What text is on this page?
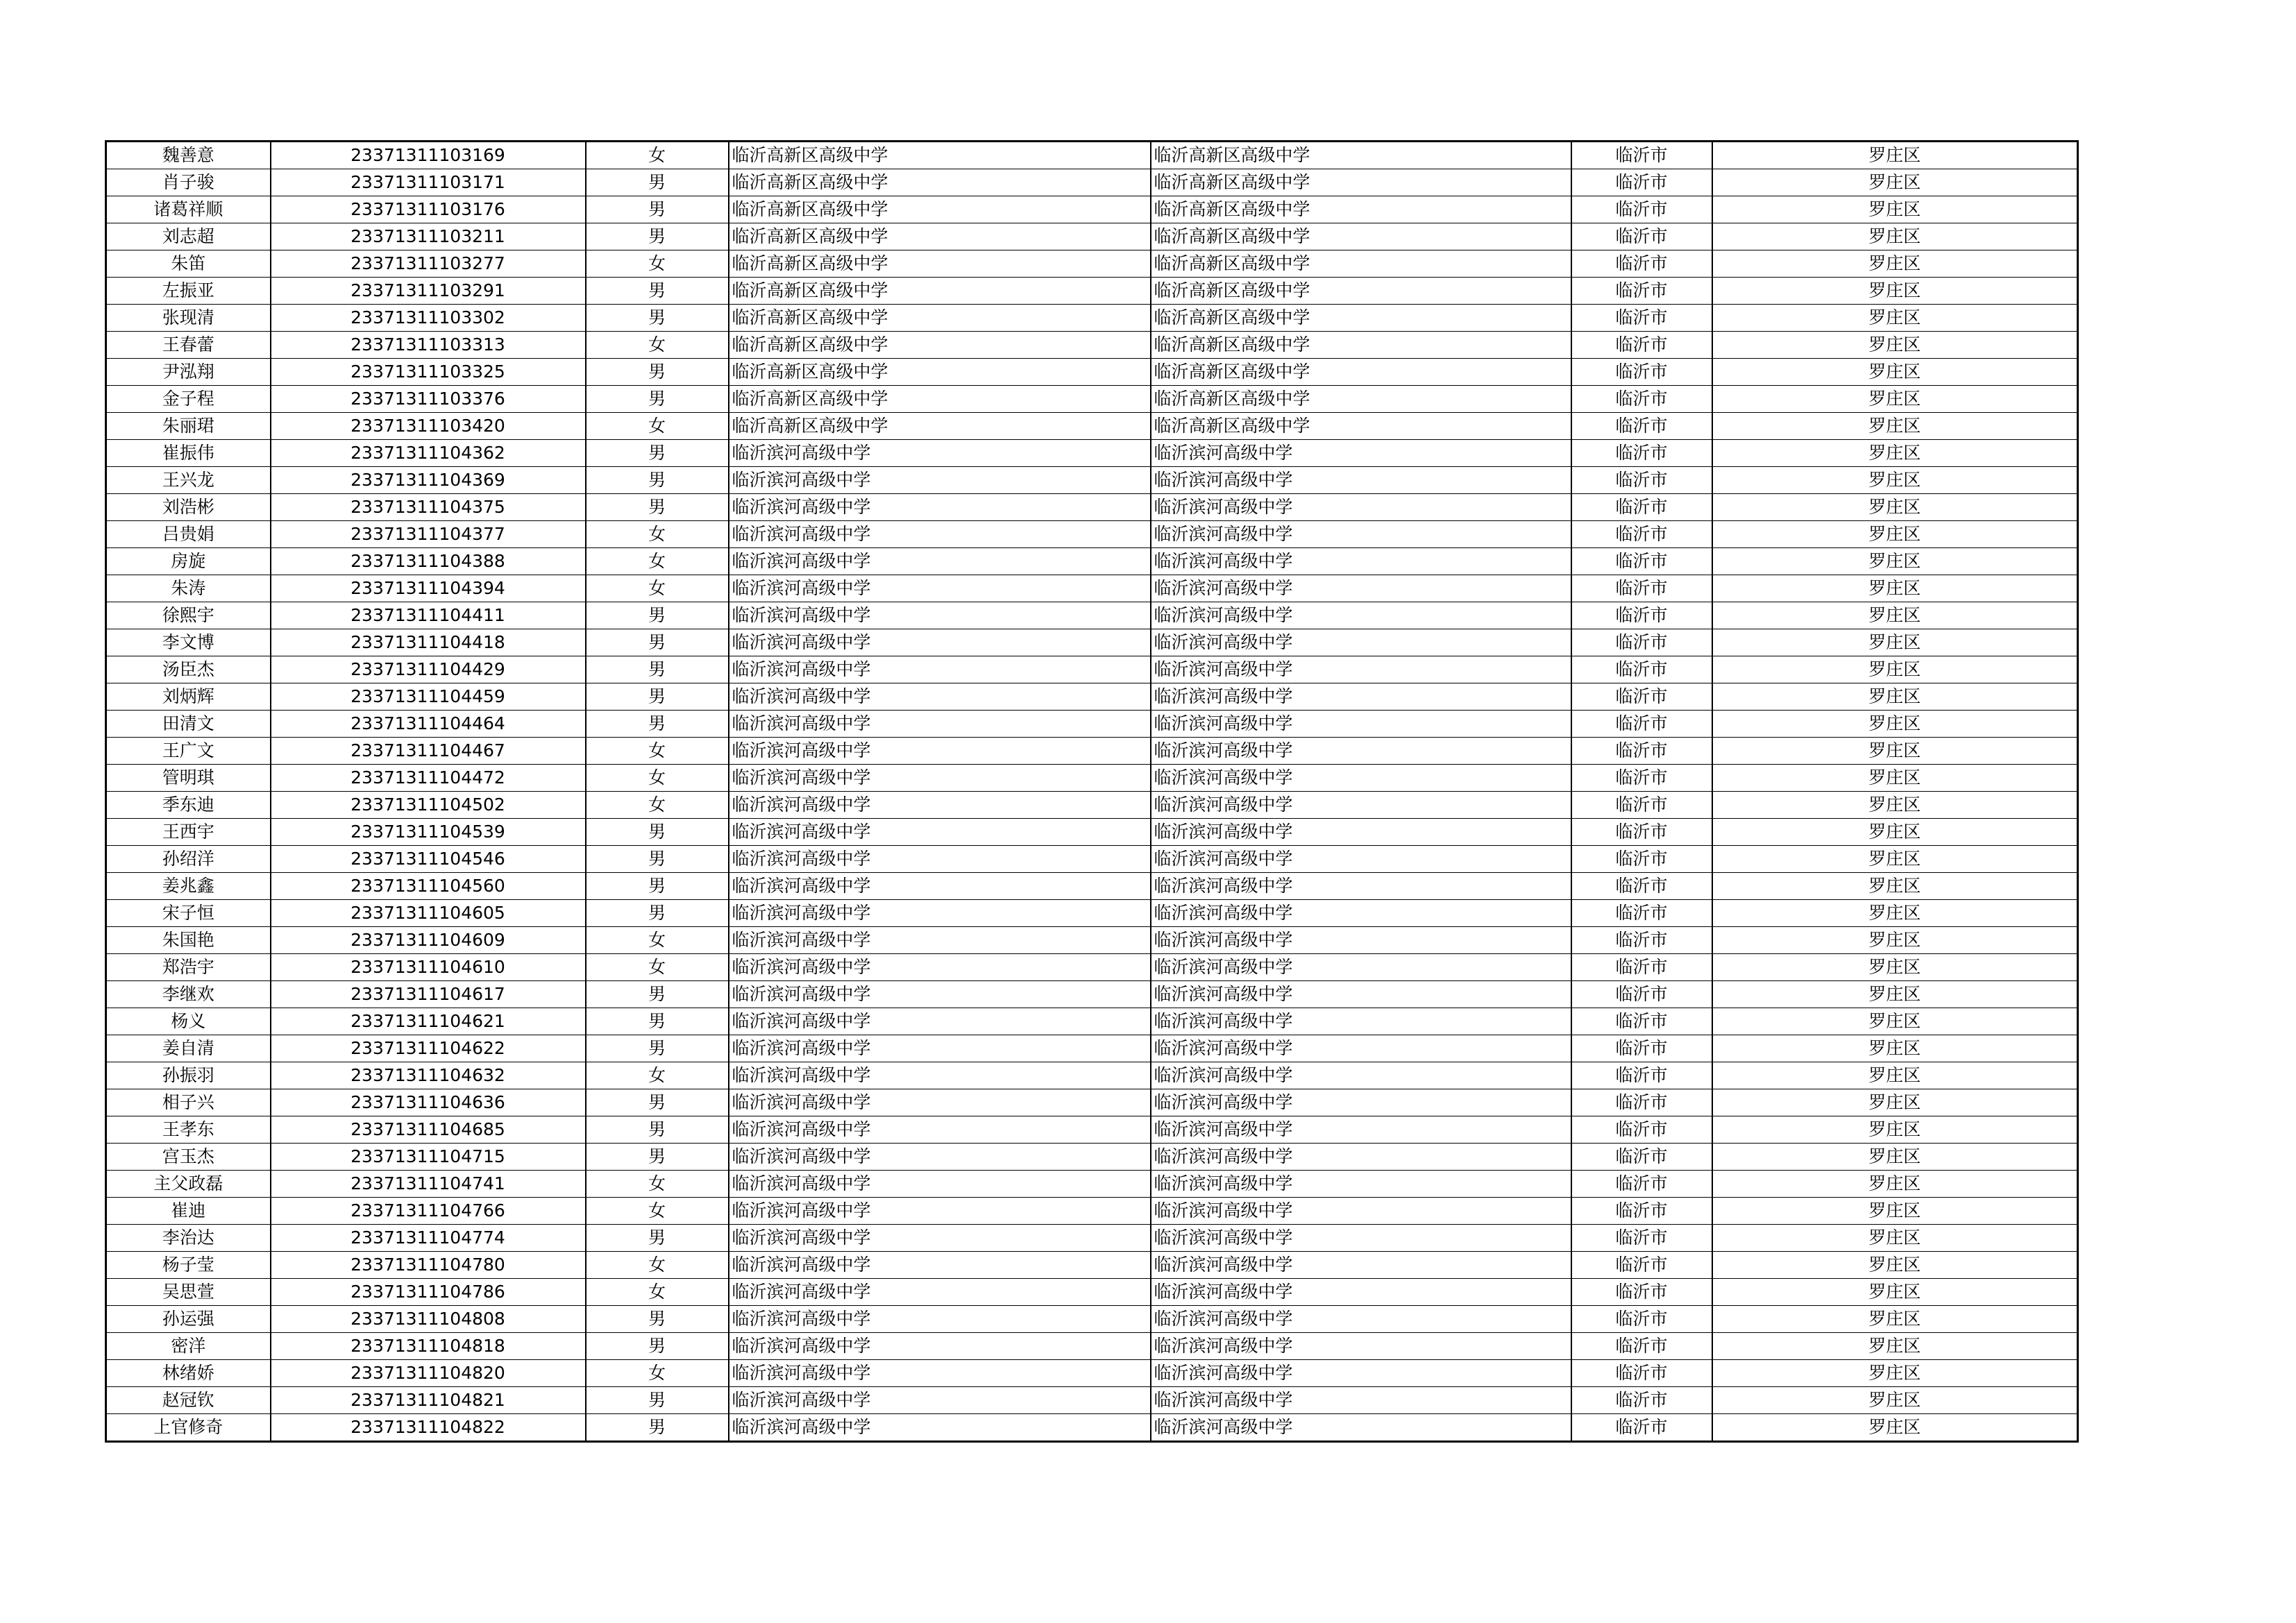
魏善意	23371311103169	女	临沂高新区高级中学	临沂高新区高级中学	临沂市	罗庄区
肖子骏	23371311103171	男	临沂高新区高级中学	临沂高新区高级中学	临沂市	罗庄区
诸葛祥顺	23371311103176	男	临沂高新区高级中学	临沂高新区高级中学	临沂市	罗庄区
刘志超	23371311103211	男	临沂高新区高级中学	临沂高新区高级中学	临沂市	罗庄区
朱笛	23371311103277	女	临沂高新区高级中学	临沂高新区高级中学	临沂市	罗庄区
左振亚	23371311103291	男	临沂高新区高级中学	临沂高新区高级中学	临沂市	罗庄区
张现清	23371311103302	男	临沂高新区高级中学	临沂高新区高级中学	临沂市	罗庄区
王春蕾	23371311103313	女	临沂高新区高级中学	临沂高新区高级中学	临沂市	罗庄区
尹泓翔	23371311103325	男	临沂高新区高级中学	临沂高新区高级中学	临沂市	罗庄区
金子程	23371311103376	男	临沂高新区高级中学	临沂高新区高级中学	临沂市	罗庄区
朱丽珺	23371311103420	女	临沂高新区高级中学	临沂高新区高级中学	临沂市	罗庄区
崔振伟	23371311104362	男	临沂滨河高级中学	临沂滨河高级中学	临沂市	罗庄区
王兴龙	23371311104369	男	临沂滨河高级中学	临沂滨河高级中学	临沂市	罗庄区
刘浩彬	23371311104375	男	临沂滨河高级中学	临沂滨河高级中学	临沂市	罗庄区
吕贵娟	23371311104377	女	临沂滨河高级中学	临沂滨河高级中学	临沂市	罗庄区
房旋	23371311104388	女	临沂滨河高级中学	临沂滨河高级中学	临沂市	罗庄区
朱涛	23371311104394	女	临沂滨河高级中学	临沂滨河高级中学	临沂市	罗庄区
徐熙宇	23371311104411	男	临沂滨河高级中学	临沂滨河高级中学	临沂市	罗庄区
李文博	23371311104418	男	临沂滨河高级中学	临沂滨河高级中学	临沂市	罗庄区
汤臣杰	23371311104429	男	临沂滨河高级中学	临沂滨河高级中学	临沂市	罗庄区
刘炳辉	23371311104459	男	临沂滨河高级中学	临沂滨河高级中学	临沂市	罗庄区
田清文	23371311104464	男	临沂滨河高级中学	临沂滨河高级中学	临沂市	罗庄区
王广文	23371311104467	女	临沂滨河高级中学	临沂滨河高级中学	临沂市	罗庄区
管明琪	23371311104472	女	临沂滨河高级中学	临沂滨河高级中学	临沂市	罗庄区
季东迪	23371311104502	女	临沂滨河高级中学	临沂滨河高级中学	临沂市	罗庄区
王西宇	23371311104539	男	临沂滨河高级中学	临沂滨河高级中学	临沂市	罗庄区
孙绍洋	23371311104546	男	临沂滨河高级中学	临沂滨河高级中学	临沂市	罗庄区
姜兆鑫	23371311104560	男	临沂滨河高级中学	临沂滨河高级中学	临沂市	罗庄区
宋子恒	23371311104605	男	临沂滨河高级中学	临沂滨河高级中学	临沂市	罗庄区
朱国艳	23371311104609	女	临沂滨河高级中学	临沂滨河高级中学	临沂市	罗庄区
郑浩宇	23371311104610	女	临沂滨河高级中学	临沂滨河高级中学	临沂市	罗庄区
李继欢	23371311104617	男	临沂滨河高级中学	临沂滨河高级中学	临沂市	罗庄区
杨义	23371311104621	男	临沂滨河高级中学	临沂滨河高级中学	临沂市	罗庄区
姜自清	23371311104622	男	临沂滨河高级中学	临沂滨河高级中学	临沂市	罗庄区
孙振羽	23371311104632	女	临沂滨河高级中学	临沂滨河高级中学	临沂市	罗庄区
相子兴	23371311104636	男	临沂滨河高级中学	临沂滨河高级中学	临沂市	罗庄区
王孝东	23371311104685	男	临沂滨河高级中学	临沂滨河高级中学	临沂市	罗庄区
宫玉杰	23371311104715	男	临沂滨河高级中学	临沂滨河高级中学	临沂市	罗庄区
主父政磊	23371311104741	女	临沂滨河高级中学	临沂滨河高级中学	临沂市	罗庄区
崔迪	23371311104766	女	临沂滨河高级中学	临沂滨河高级中学	临沂市	罗庄区
李治达	23371311104774	男	临沂滨河高级中学	临沂滨河高级中学	临沂市	罗庄区
杨子莹	23371311104780	女	临沂滨河高级中学	临沂滨河高级中学	临沂市	罗庄区
吴思萱	23371311104786	女	临沂滨河高级中学	临沂滨河高级中学	临沂市	罗庄区
孙运强	23371311104808	男	临沂滨河高级中学	临沂滨河高级中学	临沂市	罗庄区
密洋	23371311104818	男	临沂滨河高级中学	临沂滨河高级中学	临沂市	罗庄区
林绪娇	23371311104820	女	临沂滨河高级中学	临沂滨河高级中学	临沂市	罗庄区
赵冠钦	23371311104821	男	临沂滨河高级中学	临沂滨河高级中学	临沂市	罗庄区
上官修奇	23371311104822	男	临沂滨河高级中学	临沂滨河高级中学	临沂市	罗庄区
